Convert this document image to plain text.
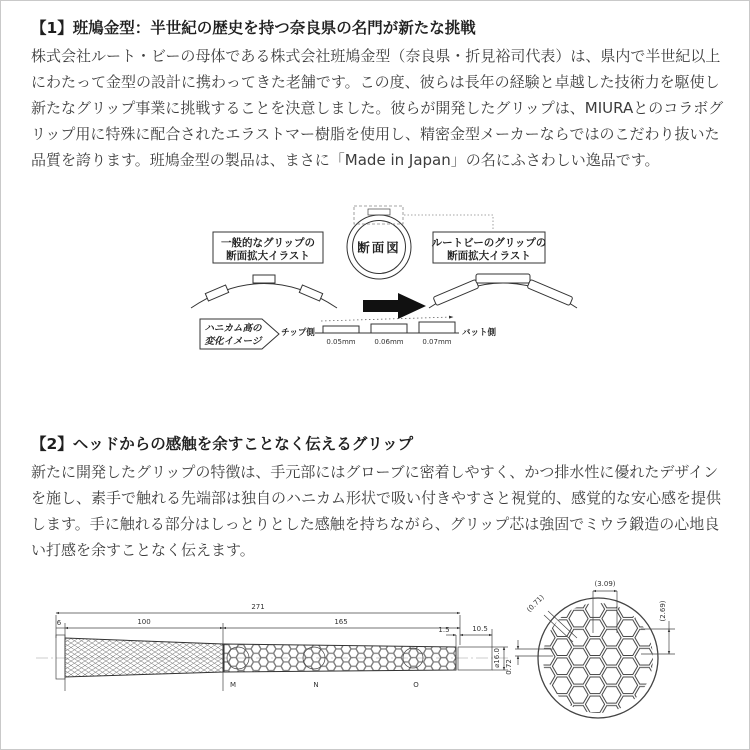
【1】班鳩金型：半世紀の歴史を持つ奈良県の名門が新たな挑戦
株式会社ルート・ビーの母体である株式会社班鳩金型（奈良県・折見裕司代表）は、県内で半世紀以上にわたって金型の設計に携わってきた老舗です。この度、彼らは長年の経験と卓越した技術力を駆使し新たなグリップ事業に挑戦することを決意しました。彼らが開発したグリップは、MIURAとのコラボグリップ用に特殊に配合されたエラストマー樹脂を使用し、精密金型メーカーならではのこだわり抜いた品質を誇ります。班鳩金型の製品は、まさに「Made in Japan」の名にふさわしい逸品です。
断面図
一般的なグリップの
断面拡大イラスト
ルートビーのグリップの
断面拡大イラスト
ハニカム高の
変化イメージ
チップ側
0.05mm	0.06mm	0.07mm
バット側
【2】ヘッドからの感触を余すことなく伝えるグリップ
新たに開発したグリップの特徴は、手元部にはグローブに密着しやすく、かつ排水性に優れたデザインを施し、素手で触れる先端部は独自のハニカム形状で吸い付きやすさと視覚的、感覚的な安心感を提供します。手に触れる部分はしっとりとした感触を持ちながら、グリップ芯は強固でミウラ鍛造の心地良い打感を余すことなく伝えます。
271
6	100	165
1.5	10.5
⌀16.0
M	N	O
(3.09)
(0.71)	(2.69)
0.72
